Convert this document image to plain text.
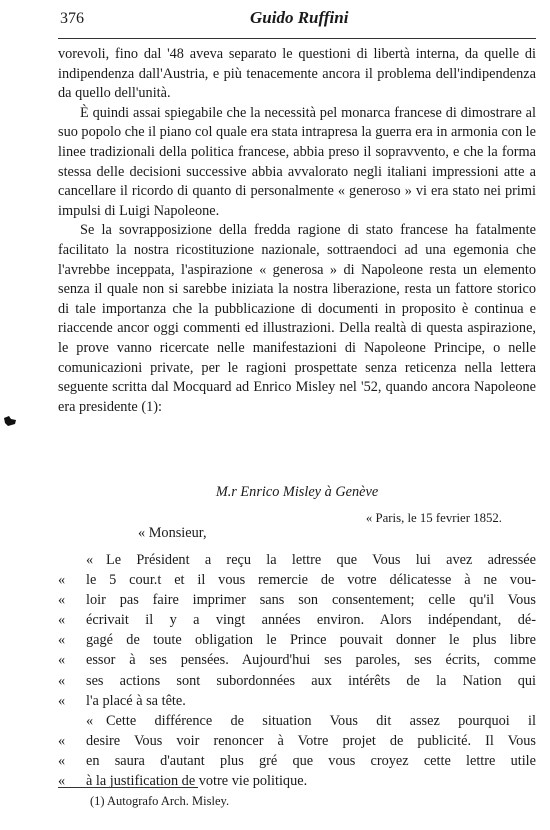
376	Guido Ruffini

vorevoli, fino dal '48 aveva separato le questioni di libertà interna, da quelle di indipendenza dall'Austria, e più tenacemente ancora il problema dell'indipendenza da quello dell'unità.

È quindi assai spiegabile che la necessità pel monarca francese di dimostrare al suo popolo che il piano col quale era stata intrapresa la guerra era in armonia con le linee tradizionali della politica francese, abbia preso il sopravvento, e che la forma stessa delle decisioni successive abbia avvalorato negli italiani impressioni atte a cancellare il ricordo di quanto di personalmente « generoso » vi era stato nei primi impulsi di Luigi Napoleone.

Se la sovrapposizione della fredda ragione di stato francese ha fatalmente facilitato la nostra ricostituzione nazionale, sottraendoci ad una egemonia che l'avrebbe inceppata, l'aspirazione « generosa » di Napoleone resta un elemento senza il quale non si sarebbe iniziata la nostra liberazione, resta un fattore storico di tale importanza che la pubblicazione di documenti in proposito è continua e riaccende ancor oggi commenti ed illustrazioni. Della realtà di questa aspirazione, le prove vanno ricercate nelle manifestazioni di Napoleone Principe, o nelle comunicazioni private, per le ragioni prospettate senza reticenza nella lettera seguente scritta dal Mocquard ad Enrico Misley nel '52, quando ancora Napoleone era presidente (1):

M.r Enrico Misley à Genève
« Paris, le 15 fevrier 1852.
« Monsieur,
« Le Président a reçu la lettre que Vous lui avez adressée
« le 5 cour.t et il vous remercie de votre délicatesse à ne vou-
« loir pas faire imprimer sans son consentement; celle qu'il Vous
« écrivait il y a vingt années environ. Alors indépendant, dé-
« gagé de toute obligation le Prince pouvait donner le plus libre
« essor à ses pensées. Aujourd'hui ses paroles, ses écrits, comme
« ses actions sont subordonnées aux intérêts de la Nation qui
« l'a placé à sa tête.
« Cette différence de situation Vous dit assez pourquoi il
« desire Vous voir renoncer à Votre projet de publicité. Il Vous
« en saura d'autant plus gré que vous croyez cette lettre utile
« à la justification de votre vie politique.
(1) Autografo Arch. Misley.
